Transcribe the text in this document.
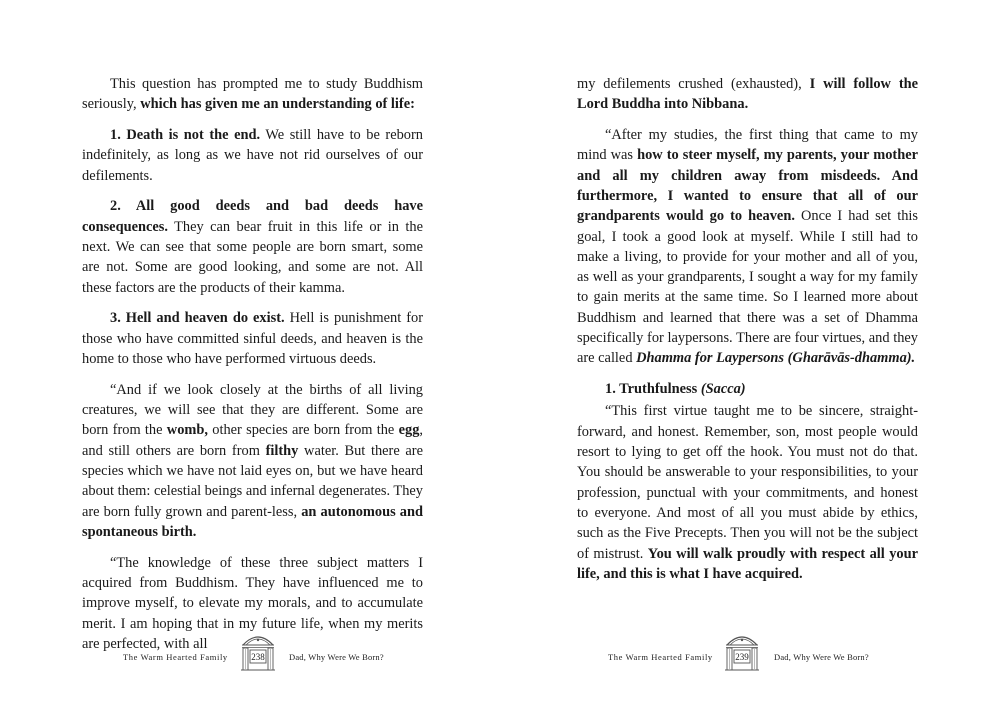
This question has prompted me to study Buddhism seriously, which has given me an understanding of life:

1. Death is not the end. We still have to be reborn indefinitely, as long as we have not rid ourselves of our defilements.

2. All good deeds and bad deeds have consequences. They can bear fruit in this life or in the next. We can see that some people are born smart, some are not. Some are good looking, and some are not. All these factors are the products of their kamma.

3. Hell and heaven do exist. Hell is punishment for those who have committed sinful deeds, and heaven is the home to those who have performed virtuous deeds.

“And if we look closely at the births of all living creatures, we will see that they are different. Some are born from the womb, other species are born from the egg, and still others are born from filthy water. But there are species which we have not laid eyes on, but we have heard about them: celestial beings and infernal degenerates. They are born fully grown and parent-less, an autonomous and spontaneous birth.

“The knowledge of these three subject matters I acquired from Buddhism. They have influenced me to improve myself, to elevate my morals, and to accumulate merit. I am hoping that in my future life, when my merits are perfected, with all

The Warm Hearted Family	238	Dad, Why Were We Born?

my defilements crushed (exhausted), I will follow the Lord Buddha into Nibbana.

“After my studies, the first thing that came to my mind was how to steer myself, my parents, your mother and all my children away from misdeeds. And furthermore, I wanted to ensure that all of our grandparents would go to heaven. Once I had set this goal, I took a good look at myself. While I still had to make a living, to provide for your mother and all of you, as well as your grandparents, I sought a way for my family to gain merits at the same time. So I learned more about Buddhism and learned that there was a set of Dhamma specifically for laypersons. There are four virtues, and they are called Dhamma for Laypersons (Gharāvās-dhamma).

1. Truthfulness (Sacca)

“This first virtue taught me to be sincere, straight-forward, and honest. Remember, son, most people would resort to lying to get off the hook. You must not do that. You should be answerable to your responsibilities, to your profession, punctual with your commitments, and honest to everyone. And most of all you must abide by ethics, such as the Five Precepts. Then you will not be the subject of mistrust. You will walk proudly with respect all your life, and this is what I have acquired.

The Warm Hearted Family	239	Dad, Why Were We Born?
